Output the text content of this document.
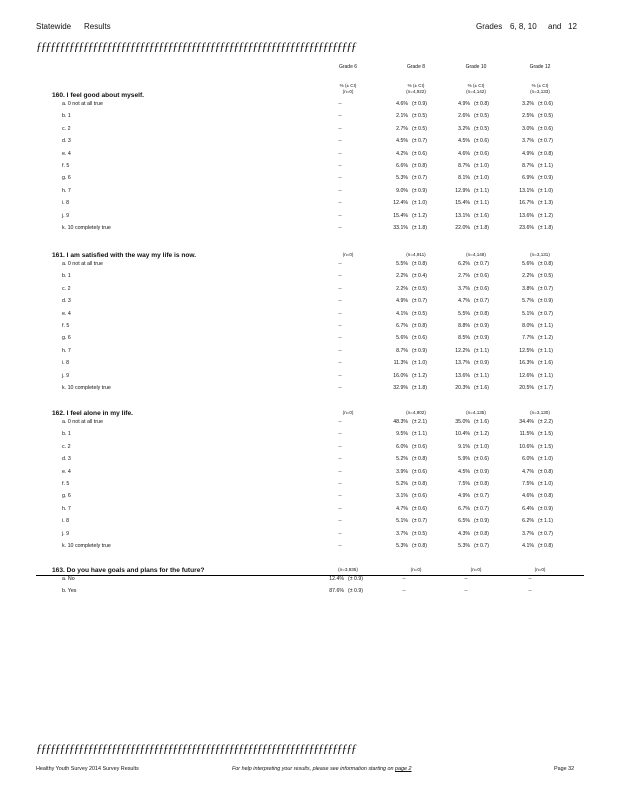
Statewide Results	Grades 6, 8, 10 and 12
ƒƒƒƒƒƒƒƒƒƒƒƒƒƒƒƒƒƒƒƒƒƒƒƒƒƒƒƒƒƒƒƒƒƒƒƒƒƒƒƒƒƒƒƒƒƒƒƒƒƒƒƒƒƒƒƒƒƒƒƒƒƒƒƒƒƒƒƒ
Grade 6	Grade 8	Grade 10	Grade 12
% (± CI)	% (± CI)	% (± CI)	% (± CI)
(n=0)	(n=4,922)	(n=4,142)	(n=3,133)
160. I feel good about myself.
a. 0 not at all true	--	4.6% (± 0.9)	4.9% (± 0.8)	3.2% (± 0.6)
b. 1	--	2.1% (± 0.5)	2.6% (± 0.5)	2.5% (± 0.5)
c. 2	--	2.7% (± 0.5)	3.2% (± 0.5)	3.0% (± 0.6)
d. 3	--	4.5% (± 0.7)	4.5% (± 0.6)	3.7% (± 0.7)
e. 4	--	4.2% (± 0.6)	4.6% (± 0.6)	4.9% (± 0.8)
f. 5	--	6.6% (± 0.8)	8.7% (± 1.0)	8.7% (± 1.1)
g. 6	--	5.3% (± 0.7)	8.1% (± 1.0)	6.9% (± 0.9)
h. 7	--	9.0% (± 0.9)	12.9% (± 1.1)	13.1% (± 1.0)
i. 8	--	12.4% (± 1.0)	15.4% (± 1.1)	16.7% (± 1.3)
j. 9	--	15.4% (± 1.2)	13.1% (± 1.6)	13.6% (± 1.2)
k. 10 completely true	--	33.1% (± 1.8)	22.0% (± 1.8)	23.6% (± 1.8)
(n=0)	(n=4,911)	(n=4,148)	(n=3,131)
161. I am satisfied with the way my life is now.
a. 0 not at all true	--	5.5% (± 0.8)	6.2% (± 0.7)	5.6% (± 0.8)
b. 1	--	2.2% (± 0.4)	2.7% (± 0.6)	2.2% (± 0.5)
c. 2	--	2.2% (± 0.5)	3.7% (± 0.6)	3.8% (± 0.7)
d. 3	--	4.9% (± 0.7)	4.7% (± 0.7)	5.7% (± 0.9)
e. 4	--	4.1% (± 0.5)	5.5% (± 0.8)	5.1% (± 0.7)
f. 5	--	6.7% (± 0.8)	8.8% (± 0.9)	8.0% (± 1.1)
g. 6	--	5.6% (± 0.6)	8.5% (± 0.9)	7.7% (± 1.2)
h. 7	--	8.7% (± 0.9)	12.2% (± 1.1)	12.5% (± 1.1)
i. 8	--	11.3% (± 1.0)	13.7% (± 0.9)	16.3% (± 1.6)
j. 9	--	16.0% (± 1.2)	13.6% (± 1.1)	12.6% (± 1.1)
k. 10 completely true	--	32.9% (± 1.8)	20.3% (± 1.6)	20.5% (± 1.7)
(n=0)	(n=4,902)	(n=4,135)	(n=3,130)
162. I feel alone in my life.
a. 0 not at all true	--	48.3% (± 2.1)	35.0% (± 1.6)	34.4% (± 2.2)
b. 1	--	9.5% (± 1.1)	10.4% (± 1.2)	11.5% (± 1.5)
c. 2	--	6.0% (± 0.6)	9.1% (± 1.0)	10.6% (± 1.5)
d. 3	--	5.2% (± 0.8)	5.9% (± 0.6)	6.0% (± 1.0)
e. 4	--	3.9% (± 0.6)	4.5% (± 0.9)	4.7% (± 0.8)
f. 5	--	5.2% (± 0.8)	7.5% (± 0.8)	7.5% (± 1.0)
g. 6	--	3.1% (± 0.6)	4.9% (± 0.7)	4.6% (± 0.8)
h. 7	--	4.7% (± 0.6)	6.7% (± 0.7)	6.4% (± 0.9)
i. 8	--	5.1% (± 0.7)	6.5% (± 0.9)	6.2% (± 1.1)
j. 9	--	3.7% (± 0.5)	4.3% (± 0.8)	3.7% (± 0.7)
k. 10 completely true	--	5.3% (± 0.8)	5.3% (± 0.7)	4.1% (± 0.8)
(n=3,935)	(n=0)	(n=0)	(n=0)
163. Do you have goals and plans for the future?
a. No	12.4% (± 0.9)	--	--	--
b. Yes	87.6% (± 0.9)	--	--	--
ƒƒƒƒƒƒƒƒƒƒƒƒƒƒƒƒƒƒƒƒƒƒƒƒƒƒƒƒƒƒƒƒƒƒƒƒƒƒƒƒƒƒƒƒƒƒƒƒƒƒƒƒƒƒƒƒƒƒƒƒƒƒƒƒƒƒƒƒ
Healthy Youth Survey 2014 Survey Results	For help interpreting your results, please see information starting on page 2	Page 32
